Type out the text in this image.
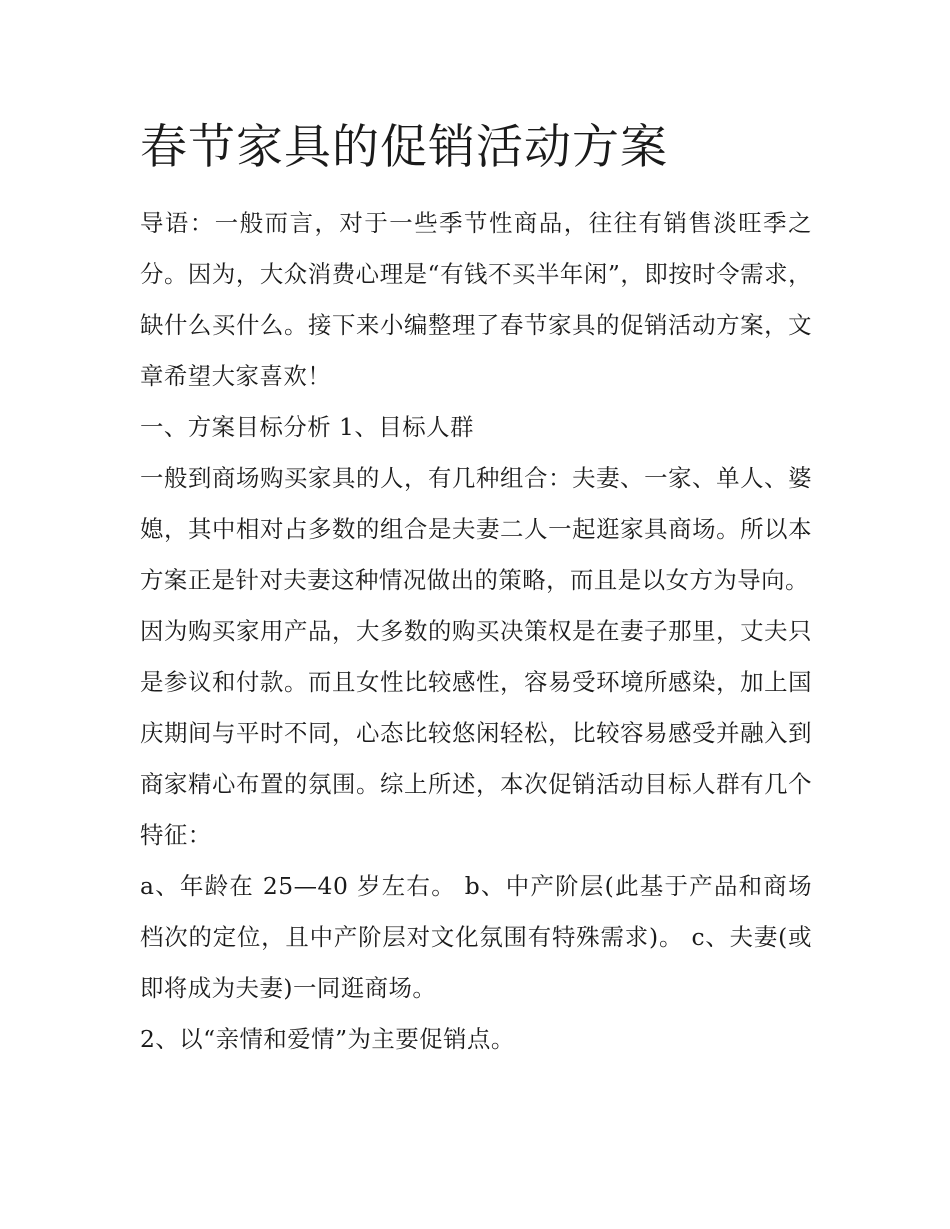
春节家具的促销活动方案

导语：一般而言，对于一些季节性商品，往往有销售淡旺季之分。因为，大众消费心理是“有钱不买半年闲”，即按时令需求，缺什么买什么。接下来小编整理了春节家具的促销活动方案，文章希望大家喜欢！

一、方案目标分析 1、目标人群

一般到商场购买家具的人，有几种组合：夫妻、一家、单人、婆媳，其中相对占多数的组合是夫妻二人一起逛家具商场。所以本方案正是针对夫妻这种情况做出的策略，而且是以女方为导向。

因为购买家用产品，大多数的购买决策权是在妻子那里，丈夫只是参议和付款。而且女性比较感性，容易受环境所感染，加上国庆期间与平时不同，心态比较悠闲轻松，比较容易感受并融入到商家精心布置的氛围。综上所述，本次促销活动目标人群有几个特征：

a、年龄在 25—40 岁左右。 b、中产阶层(此基于产品和商场档次的定位，且中产阶层对文化氛围有特殊需求)。 c、夫妻(或即将成为夫妻)一同逛商场。

2、以“亲情和爱情”为主要促销点。
